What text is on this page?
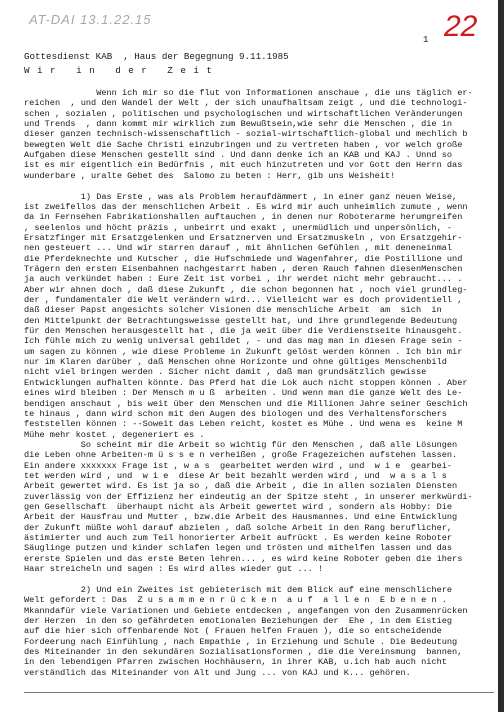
AT-DAI 13.1.22.15
1 22
Gottesdienst KAB  , Haus der Begegnung 9.11.1985
W i r   i n   d e r   Z e i t
Wenn ich mir so die flut von Informationen anschaue , die uns täglich er-
reichen  , und den Wandel der Welt , der sich unaufhaltsam zeigt , und die technologi-
schen , sozialen , politischen und psychologischen und wirtschaftlichen Veränderungen
und Trends  , dann kommt mir wirklich zum Bewußtsein,wie sehr die Menschen , die in
dieser ganzen technisch-wissenschaftlich - sozial-wirtschaftlich-global und mechlich b
bewegten Welt die Sache Christi einzubringen und zu vertreten haben , vor welch große
Aufgaben diese Menschen gestellt sind . Und dann denke ich an KAB und KAJ . Unnd so
ist es mir eigentlich ein Bedürfnis , mit euch hinzutreten und vor Gott den Herrn das
wunderbare , uralte Gebet des  Salomo zu beten : Herr, gib uns Weisheit!
1) Das Erste , was als Problem heraufdämmert , in einer ganz neuen Weise,
ist zweifellos das der menschlichen Arbeit . Es wird mir auch unheimlich zumute , wenn
da in Fernsehen Fabrikationshallen auftauchen , in denen nur Roboterarme herumgreifen
, seelenlos und höcht präzis , unbeirrt und exakt , unermüdlich und unpersönlich, -
Ersatzfinger mit Ersatzgelenken und Ersatznerven und Ersatzmuskeln , von Ersatzgehir-
nen gesteuert ... Und wir starren darauf , mit ähnlichen Gefühlen , mit deneneinmal
die Pferdeknechte und Kutscher , die Hufschmiede und Wagenfahrer, die Postillione und
Trägern den ersten Eisenbahnen nachgestarrt haben , deren Rauch fahnen diesenMenschen
ja auch verkündet haben : Eure Zeit ist vorbei , ihr werdet nicht mehr gebraucht... .
Aber wir ahnen doch , daß diese Zukunft , die schon begonnen hat , noch viel grundleg-
der , fundamentaler die Welt verändern wird... Vielleicht war es doch providentiell ,
daß dieser Papst angesichts solcher Visionen die menschliche Arbeit  am  sich  in
den Mittelpunkt der Betrachtungsweisse gestellt hat, und ihre grundlegende Bedeutung
für den Menschen herausgestellt hat , die ja weit über die Verdienstseite hinausgeht.
Ich fühle mich zu wenig universal gebildet , - und das mag man in diesen Frage sein -
um sagen zu können , wie diese Probleme in Zukunft gelöst werden können . Ich bin mir
nur im Klaren darüber , daß Menschen ohne Horizonte und ohne gültiges Menschenbild
nicht viel bringen werden . Sicher nicht damit , daß man grundsätzlich gewisse
Entwicklungen aufhalten könnte. Das Pferd hat die Lok auch nicht stoppen können . Aber
eines wird bleiben : Der Mensch m u ß  arbeiten . Und wenn man die ganze Welt des Le-
bendigen anschaut , bis weit über den Menschen und die Millionen Jahre seiner Geschich
te hinaus , dann wird schon mit den Augen des biologen und des Verhaltensforschers
feststellen können : --Soweit das Leben reicht, kostet es Mühe . Und wena es  keine M
Mühe mehr kostet , degeneriert es .
So scheint mir die Arbeit so wichtig für den Menschen , daß alle Lösungen
die Leben ohne Arbeiten-m ü s s e n verheißen , große Fragezeichen aufstehen lassen.
Ein andere xxxxxxx Frage ist , w a s  gearbeitet werden wird , und  w i e  gearbei-
tet werden wird , und  w i e  diese Ar beit bezahlt werden wird , und  w a s a l s
Arbeit gewertet wird. Es ist ja so , daß die Arbeit , die in allen sozialen Diensten
zuverlässig von der Effizienz her eindeutig an der Spitze steht , in unserer merkwürdi-
gen Gesellschaft  überhaupt nicht als Arbeit gewertet wird , sondern als Hobby: Die
Arbeit der Hausfrau und Mutter , bzw.die Arbeit des Hausmannes. Und eine Entwicklung
der Zukunft müßte wohl darauf abzielen , daß solche Arbeit in den Rang beruflicher,
ästimierter und auch zum Teil honorierter Arbeit aufrückt . Es werden keine Roboter
Säuglinge putzen und kinder schlafen legen und trösten und mithelfen lassen und das
ererste Spielen und das erste Beten lehren... , es wird keine Roboter geben die ihers
Haar streicheln und sagen : Es wird alles wieder gut ... !
2) Und ein Zweites ist gebieterisch mit dem Blick auf eine menschlichere
Welt gefordert : Das  Z u s a m m e n r ü c k e n  a u f  a l l e n  E b e n e n .
Mkanndafür viele Variationen und Gebiete entdecken , angefangen von den Zusammenrücken
der Herzen  in den so gefährdeten emotionalen Beziehungen der  Ehe , in dem Eistieg
auf die hier sich offenbarende Not ( Frauen helfen Frauen ), die so entscheidende
Fordeerung nach Einfühlung , nach Empathie , in Erziehung und Schule . Die Bedeutung
des Miteinander in den sekundären Sozialisationsformen , die die Vereinsmung  bannen,
in den lebendigen Pfarren zwischen Hochhäusern, in ihrer KAB, u.ich hab auch nicht
verständlich das Miteinander von Alt und Jung ... von KAJ und K... gehören.
